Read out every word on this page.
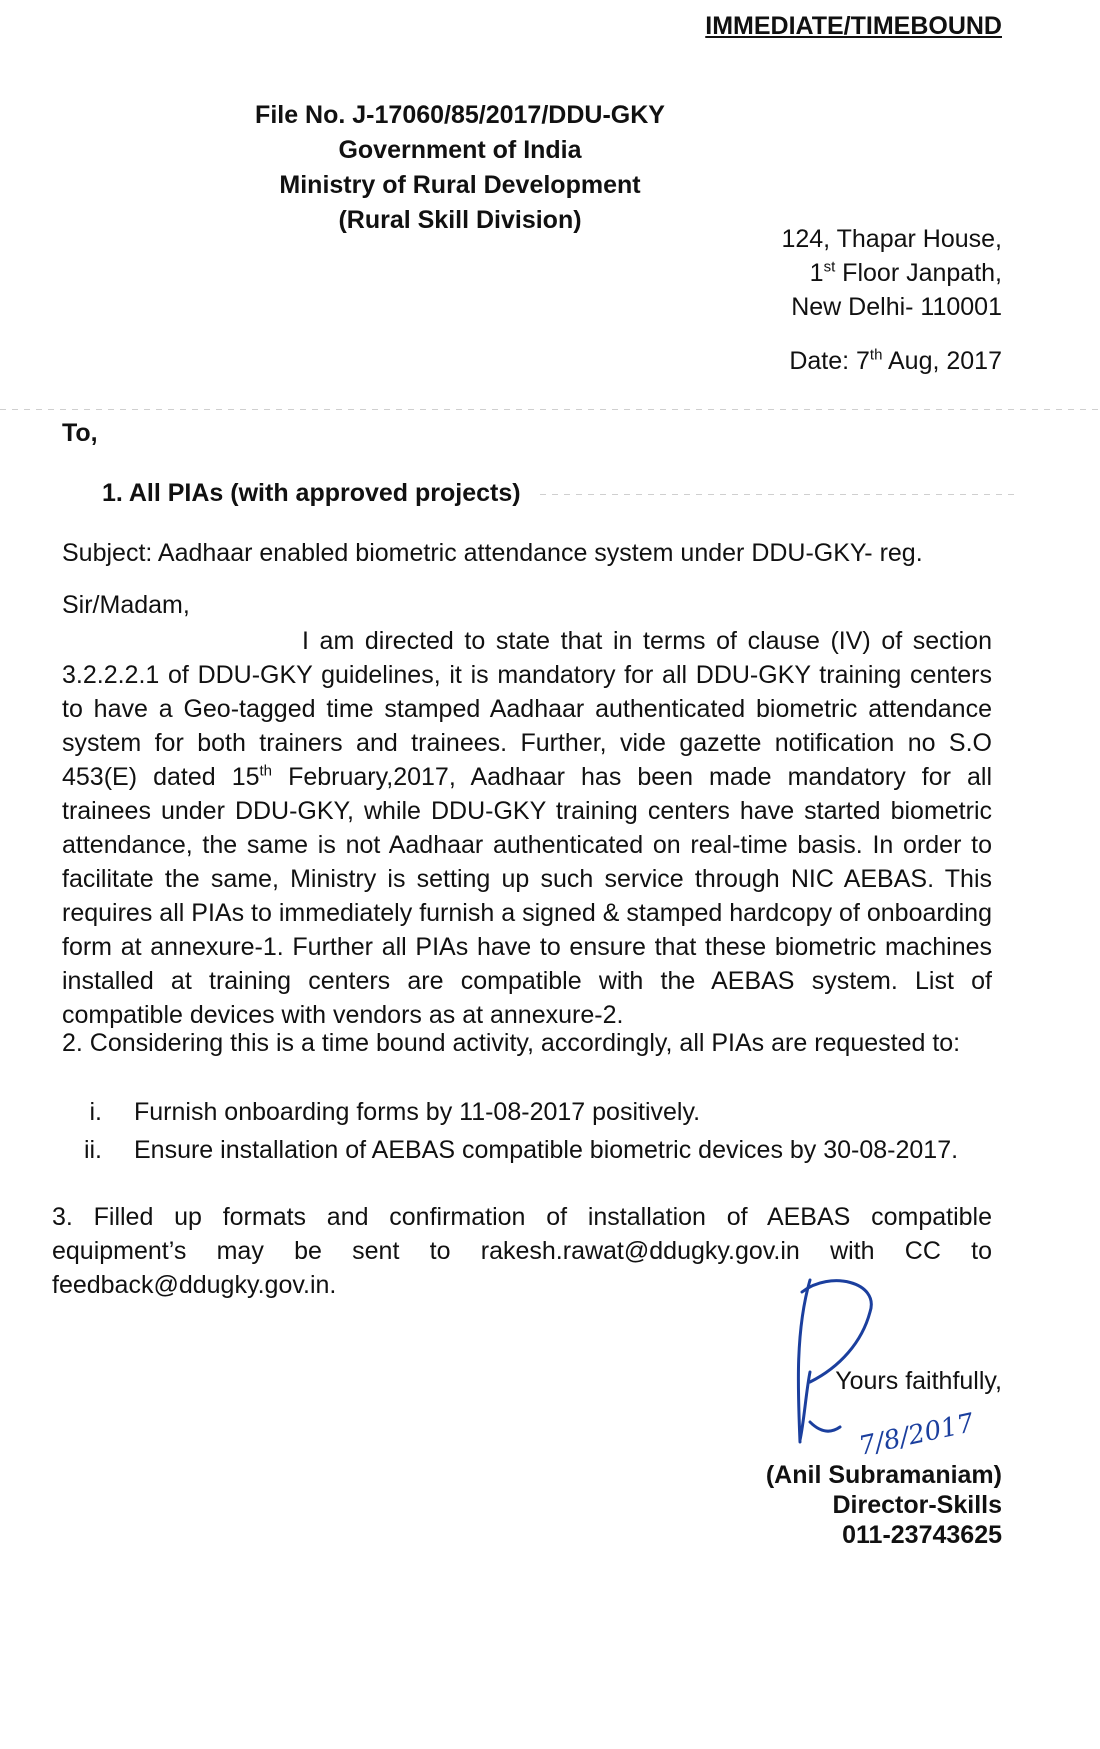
IMMEDIATE/TIMEBOUND
File No. J-17060/85/2017/DDU-GKY
Government of India
Ministry of Rural Development
(Rural Skill Division)
124, Thapar House,
1st Floor Janpath,
New Delhi- 110001
Date: 7th Aug, 2017
To,
1. All PIAs (with approved projects)
Subject: Aadhaar enabled biometric attendance system under DDU-GKY- reg.
Sir/Madam,
I am directed to state that in terms of clause (IV) of section 3.2.2.2.1 of DDU-GKY guidelines, it is mandatory for all DDU-GKY training centers to have a Geo-tagged time stamped Aadhaar authenticated biometric attendance system for both trainers and trainees. Further, vide gazette notification no S.O 453(E) dated 15th February,2017, Aadhaar has been made mandatory for all trainees under DDU-GKY, while DDU-GKY training centers have started biometric attendance, the same is not Aadhaar authenticated on real-time basis. In order to facilitate the same, Ministry is setting up such service through NIC AEBAS. This requires all PIAs to immediately furnish a signed & stamped hardcopy of onboarding form at annexure-1. Further all PIAs have to ensure that these biometric machines installed at training centers are compatible with the AEBAS system. List of compatible devices with vendors as at annexure-2.
2. Considering this is a time bound activity, accordingly, all PIAs are requested to:
i. Furnish onboarding forms by 11-08-2017 positively.
ii. Ensure installation of AEBAS compatible biometric devices by 30-08-2017.
3. Filled up formats and confirmation of installation of AEBAS compatible equipment’s may be sent to rakesh.rawat@ddugky.gov.in with CC to feedback@ddugky.gov.in.
Yours faithfully,
7/8/2017
(Anil Subramaniam)
Director-Skills
011-23743625
